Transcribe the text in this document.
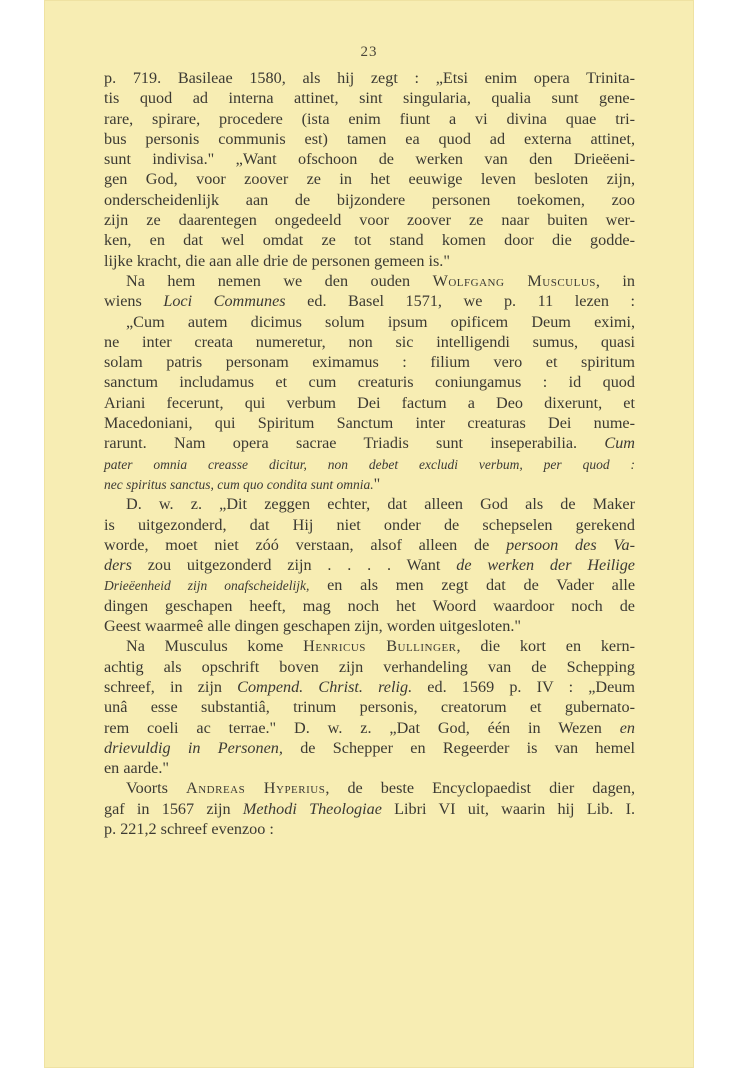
23
p. 719. Basileae 1580, als hij zegt : „Etsi enim opera Trinita-
tis quod ad interna attinet, sint singularia, qualia sunt gene-
rare, spirare, procedere (ista enim fiunt a vi divina quae tri-
bus personis communis est) tamen ea quod ad externa attinet,
sunt indivisa." „Want ofschoon de werken van den Drieëeni-
gen God, voor zoover ze in het eeuwige leven besloten zijn,
onderscheidenlijk aan de bijzondere personen toekomen, zoo
zijn ze daarentegen ongedeeld voor zoover ze naar buiten wer-
ken, en dat wel omdat ze tot stand komen door die godde-
lijke kracht, die aan alle drie de personen gemeen is."
Na hem nemen we den ouden Wolfgang Musculus, in
wiens Loci Communes ed. Basel 1571, we p. 11 lezen :
„Cum autem dicimus solum ipsum opificem Deum eximi,
ne inter creata numeretur, non sic intelligendi sumus, quasi
solam patris personam eximamus : filium vero et spiritum
sanctum includamus et cum creaturis coniungamus : id quod
Ariani fecerunt, qui verbum Dei factum a Deo dixerunt, et
Macedoniani, qui Spiritum Sanctum inter creaturas Dei nume-
rarunt. Nam opera sacrae Triadis sunt inseperabilia. Cum
pater omnia creasse dicitur, non debet excludi verbum, per quod :
nec spiritus sanctus, cum quo condita sunt omnia."
D. w. z. „Dit zeggen echter, dat alleen God als de Maker
is uitgezonderd, dat Hij niet onder de schepselen gerekend
worde, moet niet zóó verstaan, alsof alleen de persoon des Va-
ders zou uitgezonderd zijn . . . . Want de werken der Heilige
Drieëenheid zijn onafscheidelijk, en als men zegt dat de Vader alle
dingen geschapen heeft, mag noch het Woord waardoor noch de
Geest waarmeê alle dingen geschapen zijn, worden uitgesloten."
Na Musculus kome Henricus Bullinger, die kort en kern-
achtig als opschrift boven zijn verhandeling van de Schepping
schreef, in zijn Compend. Christ. relig. ed. 1569 p. IV : „Deum
unâ esse substantiâ, trinum personis, creatorum et gubernato-
rem coeli ac terrae." D. w. z. „Dat God, één in Wezen en
drievuldig in Personen, de Schepper en Regeerder is van hemel
en aarde."
Voorts Andreas Hyperius, de beste Encyclopaedist dier dagen,
gaf in 1567 zijn Methodi Theologiae Libri VI uit, waarin hij Lib. I.
p. 221,2 schreef evenzoo :
